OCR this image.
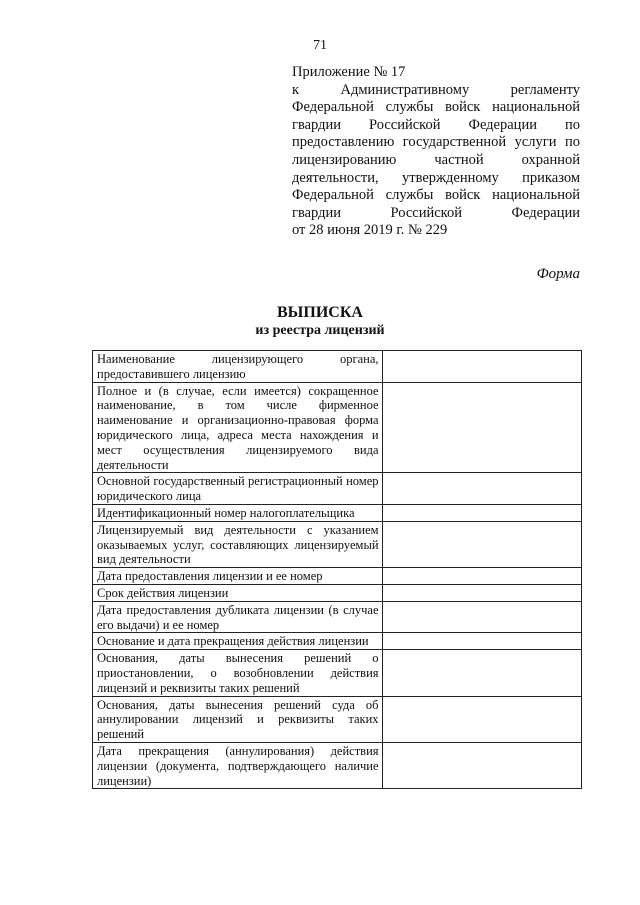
71
Приложение № 17
к Административному регламенту
Федеральной службы войск национальной
гвардии Российской Федерации по
предоставлению государственной услуги по
лицензированию частной охранной
деятельности, утвержденному приказом
Федеральной службы войск национальной
гвардии Российской Федерации
от 28 июня 2019 г. № 229
Форма
ВЫПИСКА
из реестра лицензий
Наименование лицензирующего органа, предоставившего лицензию	

Полное и (в случае, если имеется) сокращенное наименование, в том числе фирменное наименование и организационно-правовая форма юридического лица, адреса места нахождения и мест осуществления лицензируемого вида деятельности	

Основной государственный регистрационный номер юридического лица	

Идентификационный номер налогоплательщика	

Лицензируемый вид деятельности с указанием оказываемых услуг, составляющих лицензируемый вид деятельности	

Дата предоставления лицензии и ее номер	

Срок действия лицензии	

Дата предоставления дубликата лицензии (в случае его выдачи) и ее номер	

Основание и дата прекращения действия лицензии	

Основания, даты вынесения решений о приостановлении, о возобновлении действия лицензий и реквизиты таких решений	

Основания, даты вынесения решений суда об аннулировании лицензий и реквизиты таких решений	

Дата прекращения (аннулирования) действия лицензии (документа, подтверждающего наличие лицензии)	
